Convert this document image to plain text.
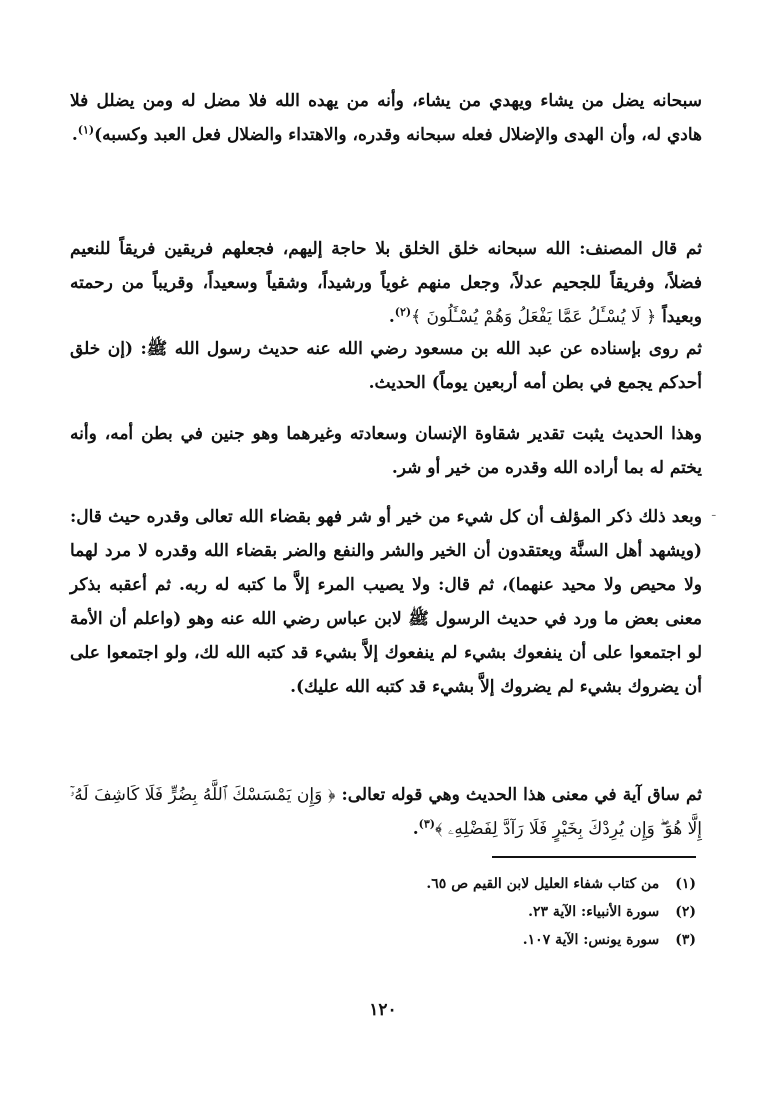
سبحانه يضل من يشاء ويهدي من يشاء، وأنه من يهده الله فلا مضل له ومن يضلل فلا هادي له، وأن الهدى والإضلال فعله سبحانه وقدره، والاهتداء والضلال فعل العبد وكسبه)$^{(١)}$.
ثم قال المصنف: الله سبحانه خلق الخلق بلا حاجة إليهم، فجعلهم فريقين فريقاً للنعيم فضلاً، وفريقاً للجحيم عدلاً، وجعل منهم غوياً ورشيداً، وشقياً وسعيداً، وقريباً من رحمته وبعيداً ﴿ لَا يُسْـَٔلُ عَمَّا يَفْعَلُ وَهُمْ يُسْـَٔلُونَ ﴾$^{(٢)}$.
ثم روى بإسناده عن عبد الله بن مسعود رضي الله عنه حديث رسول الله ﷺ: (إن خلق أحدكم يجمع في بطن أمه أربعين يوماً) الحديث.
وهذا الحديث يثبت تقدير شقاوة الإنسان وسعادته وغيرهما وهو جنين في بطن أمه، وأنه يختم له بما أراده الله وقدره من خير أو شر.
وبعد ذلك ذكر المؤلف أن كل شيء من خير أو شر فهو بقضاء الله تعالى وقدره حيث قال: (ويشهد أهل السنَّة ويعتقدون أن الخير والشر والنفع والضر بقضاء الله وقدره لا مرد لهما ولا محيص ولا محيد عنهما)، ثم قال: ولا يصيب المرء إلاَّ ما كتبه له ربه. ثم أعقبه بذكر معنى بعض ما ورد في حديث الرسول ﷺ لابن عباس رضي الله عنه وهو (واعلم أن الأمة لو اجتمعوا على أن ينفعوك بشيء لم ينفعوك إلاَّ بشيء قد كتبه الله لك، ولو اجتمعوا على أن يضروك بشيء لم يضروك إلاَّ بشيء قد كتبه الله عليك).
ثم ساق آية في معنى هذا الحديث وهي قوله تعالى: ﴿ وَإِن يَمْسَسْكَ ٱللَّهُ بِضُرٍّ فَلَا كَاشِفَ لَهُۥٓ إِلَّا هُوَ ۖ وَإِن يُرِدْكَ بِخَيْرٍ فَلَا رَآدَّ لِفَضْلِهِۦ ﴾$^{(٣)}$.
ـ
(١)من كتاب شفاء العليل لابن القيم ص ٦٥.
(٢)سورة الأنبياء: الآية ٢٣.
(٣)سورة يونس: الآية ١٠٧.
١٢٠
